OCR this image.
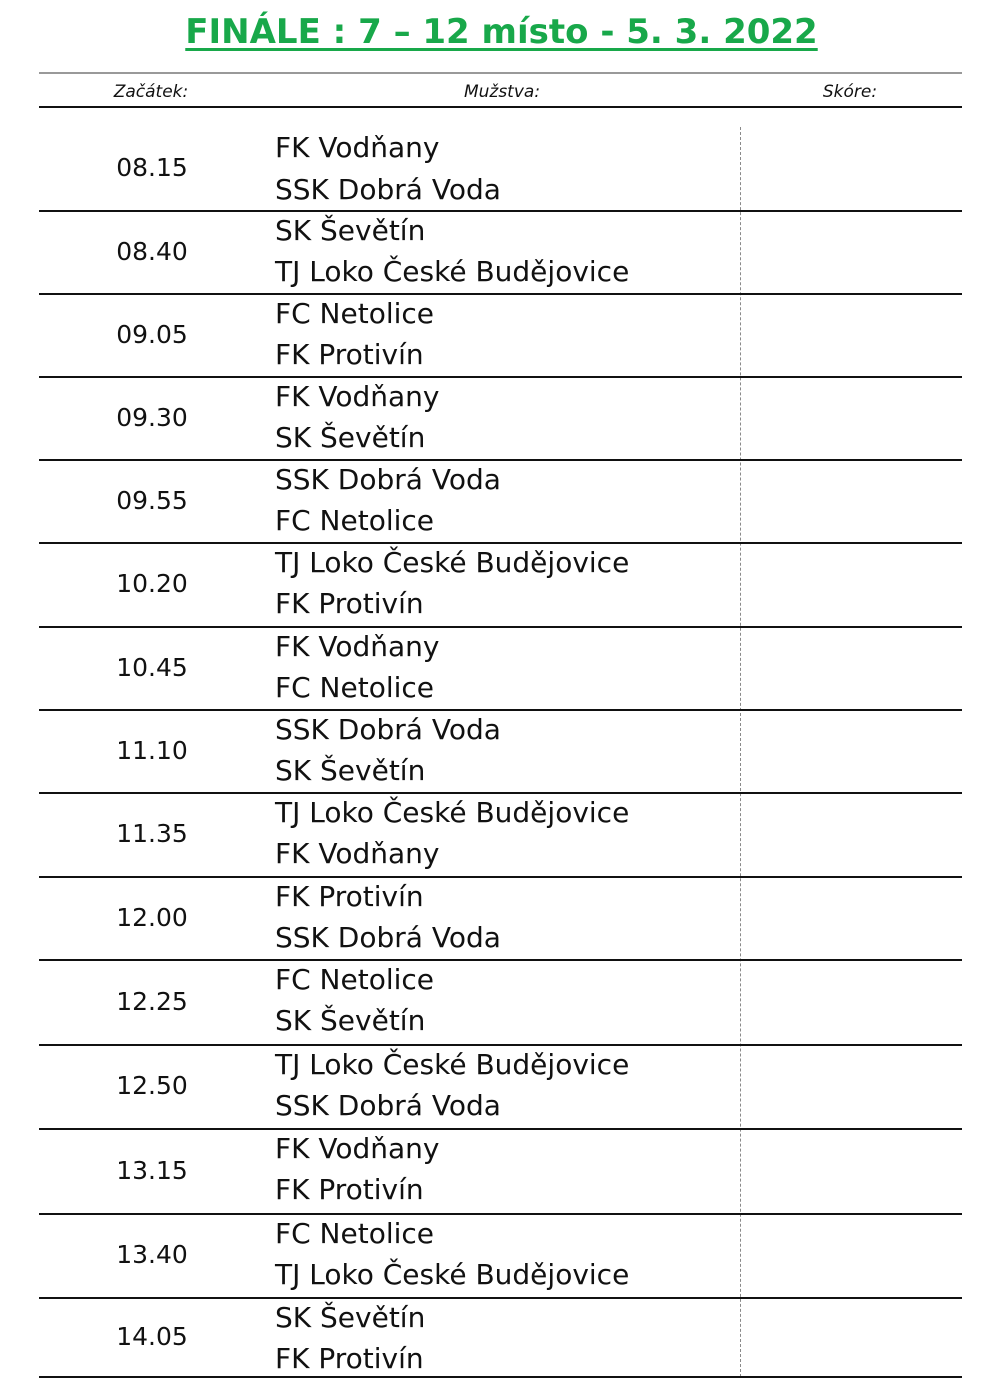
FINÁLE : 7 – 12 místo - 5. 3. 2022
Začátek:	Mužstva:	Skóre:
08.15
FK Vodňany
SSK Dobrá Voda
08.40
SK Ševětín
TJ Loko České Budějovice
09.05
FC Netolice
FK Protivín
09.30
FK Vodňany
SK Ševětín
09.55
SSK Dobrá Voda
FC Netolice
10.20
TJ Loko České Budějovice
FK Protivín
10.45
FK Vodňany
FC Netolice
11.10
SSK Dobrá Voda
SK Ševětín
11.35
TJ Loko České Budějovice
FK Vodňany
12.00
FK Protivín
SSK Dobrá Voda
12.25
FC Netolice
SK Ševětín
12.50
TJ Loko České Budějovice
SSK Dobrá Voda
13.15
FK Vodňany
FK Protivín
13.40
FC Netolice
TJ Loko České Budějovice
14.05
SK Ševětín
FK Protivín
